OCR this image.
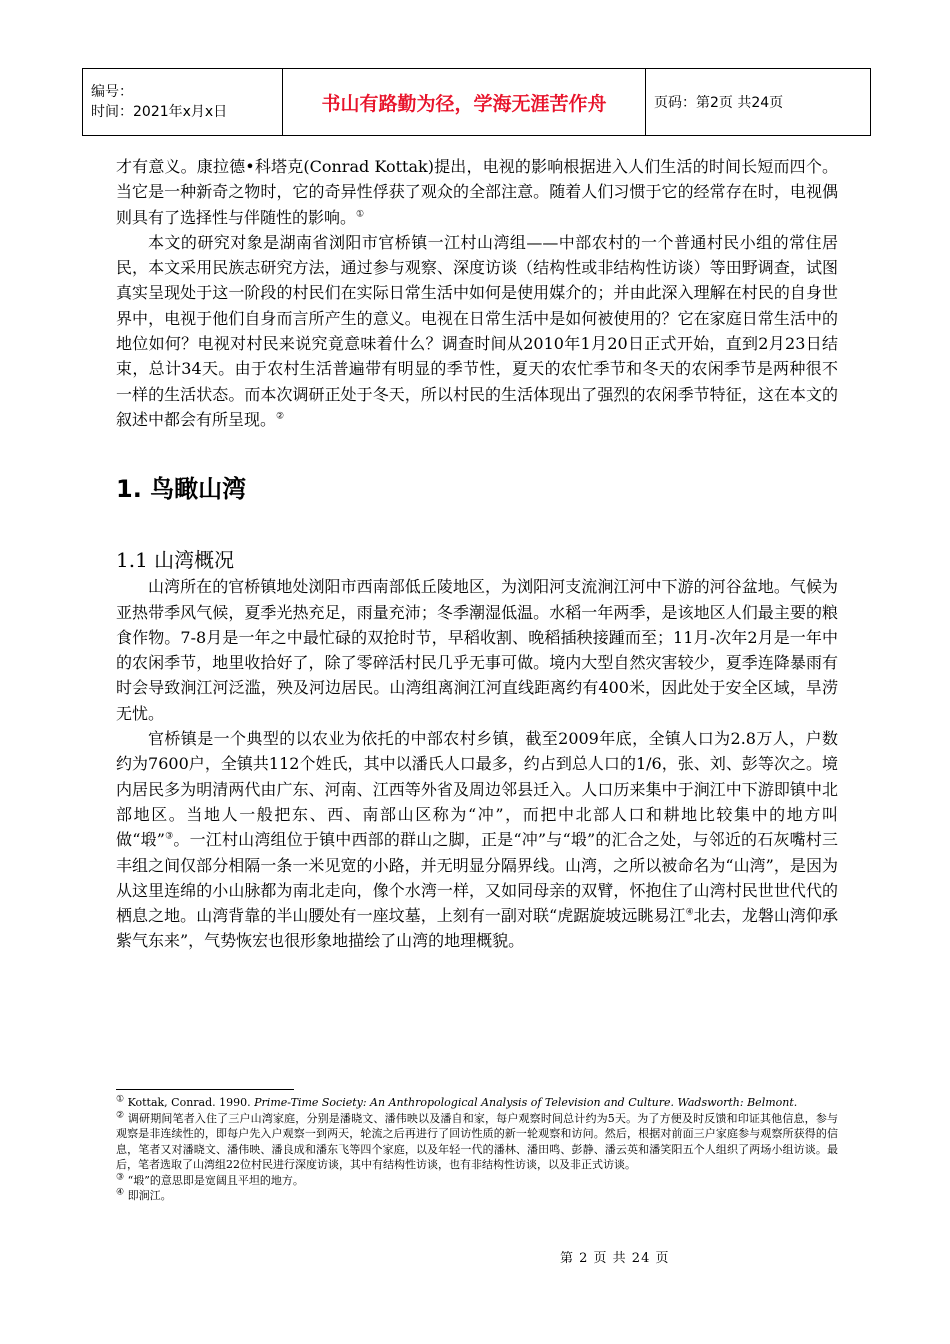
编号：
时间：2021年x月x日	书山有路勤为径，学海无涯苦作舟	页码：第2页 共24页

才有意义。康拉德•科塔克(Conrad Kottak)提出，电视的影响根据进入人们生活的时间长短而四个。当它是一种新奇之物时，它的奇异性俘获了观众的全部注意。随着人们习惯于它的经常存在时，电视偶则具有了选择性与伴随性的影响。①

本文的研究对象是湖南省浏阳市官桥镇一江村山湾组——中部农村的一个普通村民小组的常住居民，本文采用民族志研究方法，通过参与观察、深度访谈（结构性或非结构性访谈）等田野调查，试图真实呈现处于这一阶段的村民们在实际日常生活中如何是使用媒介的；并由此深入理解在村民的自身世界中，电视于他们自身而言所产生的意义。电视在日常生活中是如何被使用的？它在家庭日常生活中的地位如何？电视对村民来说究竟意味着什么？调查时间从2010年1月20日正式开始，直到2月23日结束，总计34天。由于农村生活普遍带有明显的季节性，夏天的农忙季节和冬天的农闲季节是两种很不一样的生活状态。而本次调研正处于冬天，所以村民的生活体现出了强烈的农闲季节特征，这在本文的叙述中都会有所呈现。②

1. 鸟瞰山湾
1.1 山湾概况

山湾所在的官桥镇地处浏阳市西南部低丘陵地区，为浏阳河支流涧江河中下游的河谷盆地。气候为亚热带季风气候，夏季光热充足，雨量充沛；冬季潮湿低温。水稻一年两季，是该地区人们最主要的粮食作物。7-8月是一年之中最忙碌的双抢时节，早稻收割、晚稻插秧接踵而至；11月-次年2月是一年中的农闲季节，地里收拾好了，除了零碎活村民几乎无事可做。境内大型自然灾害较少，夏季连降暴雨有时会导致涧江河泛滥，殃及河边居民。山湾组离涧江河直线距离约有400米，因此处于安全区域，旱涝无忧。

官桥镇是一个典型的以农业为依托的中部农村乡镇，截至2009年底，全镇人口为2.8万人，户数约为7600户，全镇共112个姓氏，其中以潘氏人口最多，约占到总人口的1/6，张、刘、彭等次之。境内居民多为明清两代由广东、河南、江西等外省及周边邻县迁入。人口历来集中于涧江中下游即镇中北部地区。当地人一般把东、西、南部山区称为“冲”，而把中北部人口和耕地比较集中的地方叫做“塅”③。一江村山湾组位于镇中西部的群山之脚，正是“冲”与“塅”的汇合之处，与邻近的石灰嘴村三丰组之间仅部分相隔一条一米见宽的小路，并无明显分隔界线。山湾，之所以被命名为“山湾”，是因为从这里连绵的小山脉都为南北走向，像个水湾一样，又如同母亲的双臂，怀抱住了山湾村民世世代代的栖息之地。山湾背靠的半山腰处有一座坟墓，上刻有一副对联“虎踞旋坡远眺易江④北去，龙磐山湾仰承紫气东来”，气势恢宏也很形象地描绘了山湾的地理概貌。

① Kottak, Conrad. 1990. Prime-Time Society: An Anthropological Analysis of Television and Culture. Wadsworth: Belmont.

② 调研期间笔者入住了三户山湾家庭，分别是潘晓文、潘伟映以及潘自和家，每户观察时间总计约为5天。为了方便及时反馈和印证其他信息，参与观察是非连续性的，即每户先入户观察一到两天，轮流之后再进行了回访性质的新一轮观察和访问。然后，根据对前面三户家庭参与观察所获得的信息，笔者又对潘晓文、潘伟映、潘良成和潘东飞等四个家庭，以及年轻一代的潘林、潘田鸣、彭静、潘云英和潘笑阳五个人组织了两场小组访谈。最后，笔者选取了山湾组22位村民进行深度访谈，其中有结构性访谈，也有非结构性访谈，以及非正式访谈。

③ “塅”的意思即是宽阔且平坦的地方。

④ 即涧江。

第 2 页 共 24 页
